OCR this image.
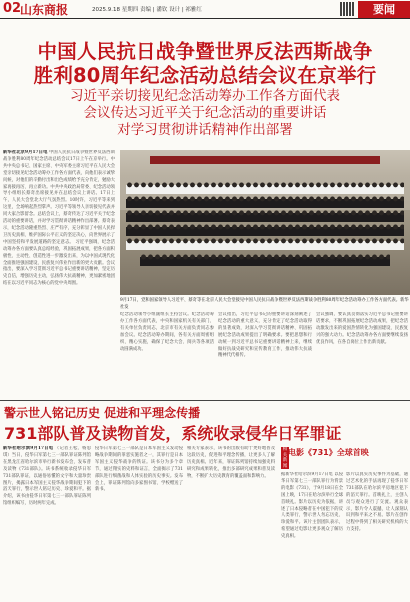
02
山东商报	2025.9.18 星期四 责编 | 潘钦 设计 | 祁雅红	要闻
中国人民抗日战争暨世界反法西斯战争
胜利80周年纪念活动总结会议在京举行
习近平亲切接见纪念活动筹办工作各方面代表
会议传达习近平关于纪念活动的重要讲话
对学习贯彻讲话精神作出部署
新华社北京9月17日电 中国人民抗日战争暨世界反法西斯战争胜利80周年纪念活动总结会议17日上午在京举行。中共中央总书记、国家主席、中央军委主席习近平在人民大会堂亲切接见纪念活动筹办工作各方面代表，向他们表示诚挚问候，对他们的辛勤付出和出色成绩给予充分肯定，勉励大家再接再厉、再立新功。中共中央政治局常委、纪念活动领导小组组长蔡奇出席接见并在总结会议上讲话。17日上午，人民大会堂北大厅气氛热烈。10时许，习近平等来到这里，全场响起热烈掌声。习近平等领导人亲切接见代表并同大家合影留念。总结会议上，蔡奇传达了习近平关于纪念活动的重要讲话，并对学习贯彻讲话精神作出部署。蔡奇表示，纪念活动隆重热烈、庄严有序，充分彰显了中国人民捍卫历史真相、维护国际公平正义的坚定决心，向世界展示了中国坚持和平发展道路的坚定意志。 习近平强调，纪念活动筹办各方面要认真总结经验，巩固拓展成果，把各方面积极性、主动性、创造性进一步激发出来，为以中国式现代化全面推进强国建设、民族复兴伟业作出新的更大贡献。会议指出，要深入学习贯彻习近平总书记重要讲话精神，坚定历史自信，增强历史主动，弘扬伟大抗战精神，更加紧密地团结在以习近平同志为核心的党中央周围。
9月17日，党和国家领导人习近平、蔡奇等在北京人民大会堂接见中国人民抗日战争暨世界反法西斯战争胜利80周年纪念活动筹办工作各方面代表。新华社发
纪念活动领导小组副组长主持会议。纪念活动筹办工作各方面代表，中央和国家机关有关部门、有关单位负责同志，北京市有关方面负责同志参加会议。纪念活动筹办期间，各有关方面周密组织、精心实施，确保了纪念大会、阅兵等各项活动圆满成功。
会议指出，习近平总书记的重要讲话深刻阐述了纪念活动的重大意义，充分肯定了纪念活动取得的显著成效，对深入学习贯彻讲话精神、巩固拓展纪念活动成果提出了明确要求。要把思想和行动统一到习近平总书记重要讲话精神上来，继续做好抗战史研究和宣传教育工作，推动伟大抗战精神代代相传。
会议强调，要认真贯彻落实习近平总书记重要讲话要求，不断巩固拓展纪念活动成果，把纪念活动激发出来的爱国热情转化为强国建设、民族复兴的强大动力。纪念活动筹办各方面要继续发扬优良作风，在各自岗位上作出新贡献。
警示世人铭记历史 促进和平理念传播
731部队普及读物首发，系统收录侵华日军罪证
新华社哈尔滨9月17日电 （记者王松、杨思琪）当日，侵华日军第七三一部队罪证陈列馆在黑龙江省哈尔滨市举行新书发布会，发布普及读物《731部队》。该书系统收录侵华日军731部队罪证，以通俗易懂的文字和大量珍贵图片，揭露日本军国主义侵华战争期间犯下的滔天罪行，警示世人铭记历史、珍爱和平。据介绍，该书由侵华日军第七三一部队罪证陈列馆组织编写，历时两年完成。
侵华日军第七三一部队是日本军国主义发动侵略战争期间的罪恶实施者之一，其罪行是日本军国主义侵华战争的铁证。该书分为多个章节，通过翔实的史料和证言，全面揭示了731部队进行细菌战和人体实验的历史事实。发布会上，罪证陈列馆向多家图书馆、学校赠送了新书。
相关专家表示，该书的出版有助于更好地普及这段历史，促进和平理念传播，让更多人了解历史真相。近年来，罪证陈列馆持续加强史料研究和成果转化，推出多部研究成果和普及读物，不断扩大历史教育的覆盖面和影响力。
相关新闻
电影《731》全球首映
据新华社哈尔滨9月17日电 以侵华日军第七三一部队罪行为背景的电影《731》，于9月18日在全国上映，17日在哈尔滨举行全球首映礼。影片以历史为依据，讲述了日本侵略者在中国犯下的反人类罪行，警示世人勿忘历史、珍爱和平。该片主创团队表示，希望通过电影让更多观众了解历史真相。
影片以真实历史事件为基础，通过艺术化的手法再现了侵华日军731部队在哈尔滨平房地区犯下的滔天罪行。首映礼上，主创人员与观众进行了交流。观众表示，影片令人震撼，让人深刻认识到和平来之不易。影片在创作过程中得到了相关研究机构的大力支持。
